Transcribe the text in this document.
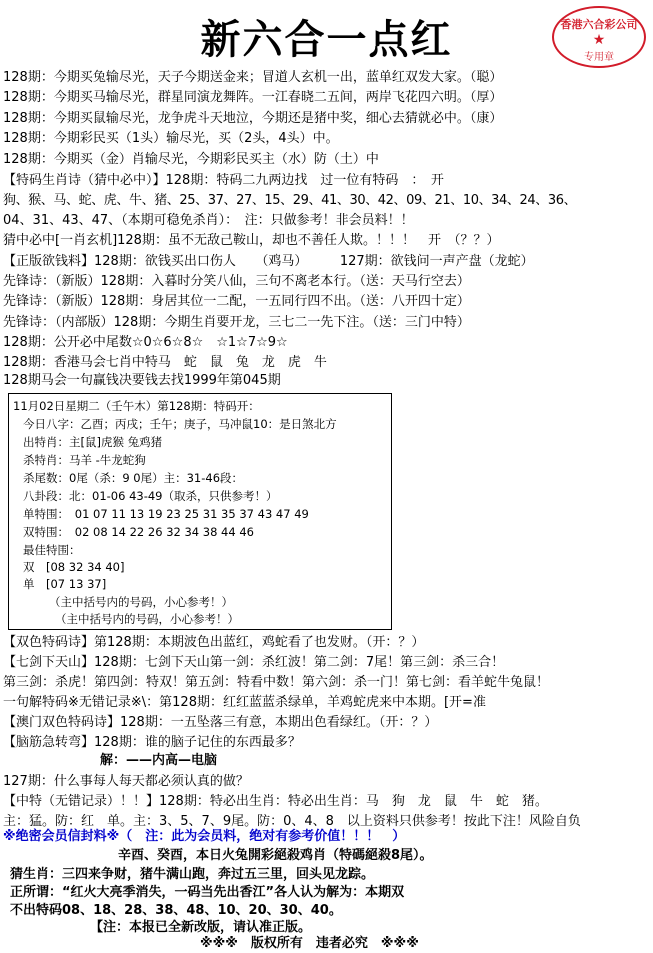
新六合一点红	香港六合彩公司
★
专用章
128期：今期买兔输尽光，天子今期送金来；冒道人玄机一出，蓝单红双发大家。（聪）
128期：今期买马输尽光，群星同演龙舞阵。一江春晓二五间，两岸飞花四六明。（厚）
128期：今期买鼠输尽光，龙争虎斗天地泣，今期还是猪中奖，细心去猜就必中。（康）
128期：今期彩民买（1头）输尽光，买（2头，4头）中。
128期：今期买（金）肖输尽光，今期彩民买主（水）防（土）中
【特码生肖诗（猜中必中）】128期：特码二九两边找　过一位有特码　：　开
狗、猴、马、蛇、虎、牛、猪、25、37、27、15、29、41、30、42、09、21、10、34、24、36、
04、31、43、47、（本期可稳免杀肖）：　注：只做参考！非会员料！！
猜中必中[一肖玄机]128期：虽不无敌己鞍山，却也不善任人欺。！！！　开　（？？）
【正版欲钱料】128期：欲钱买出口伤人　　（鸡马）　　　127期：欲钱问一声产盘（龙蛇）
先锋诗：（新版）128期：入暮时分笑八仙，三句不离老本行。（送：天马行空去）
先锋诗：（新版）128期：身居其位一二配，一五同行四不出。（送：八开四十定）
先锋诗：（内部版）128期：今期生肖要开龙，三七二一先下注。（送：三门中特）
128期：公开必中尾数☆0☆6☆8☆　☆1☆7☆9☆
128期：香港马会七肖中特马　蛇　鼠　兔　龙　虎　牛
128期马会一句赢钱决要钱去找1999年第045期
11月02日星期二（壬午木）第128期：特码开：
今日八字：乙酉；丙戌；壬午；庚子，马冲鼠10：是日煞北方
出特肖：主[鼠]虎猴 兔鸡猪
杀特肖：马羊 -牛龙蛇狗
杀尾数：0尾（杀：9 0尾）主：31-46段：
八卦段：北：01-06 43-49（取杀，只供参考！）
单特围：　01 07 11 13 19 23 25 31 35 37 43 47 49
双特围：　02 08 14 22 26 32 34 38 44 46
最佳特围：
双　[08 32 34 40]
单　[07 13 37]
（主中括号内的号码，小心参考！）
（主中括号内的号码，小心参考！）
【双色特码诗】第128期：本期波色出蓝红，鸡蛇看了也发财。（开：？）
【七剑下天山】128期：七剑下天山第一剑：杀红波！第二剑：7尾！第三剑：杀三合！
第三剑：杀虎！第四剑：特双！第五剑：特看中数！第六剑：杀一门！第七剑：看羊蛇牛兔鼠！
一句解特码※无错记录※\：第128期：红红蓝蓝杀绿单，羊鸡蛇虎来中本期。[开=准
【澳门双色特码诗】128期：一五坠落三有意，本期出色看绿红。（开：？）
【脑筋急转弯】128期：谁的脑子记住的东西最多？
解：——内高—电脑
127期：什么事每人每天都必须认真的做？
【中特（无错记录）！！】128期：特必出生肖：特必出生肖：马　狗　龙　鼠　牛　蛇　猪。
主：猛。防：红　单。主：3、5、7、9尾。防：0、4、8　以上资料只供参考！按此下注！风险自负
※绝密会员信封料※（　注：此为会员料，绝对有参考价值！！！　）
辛酉、癸酉，本日火兔開彩絕殺鸡肖（特碼絕殺8尾）。
猜生肖：三四来争财，猪牛满山跑，奔过五三里，回头见龙踪。
正所谓：“红火大亮季消失，一码当先出香江”各人认为解为：本期双
不出特码08、18、28、38、48、10、20、30、40。
【注：本报已全新改版，请认准正版。
※※※　版权所有　违者必究　※※※
